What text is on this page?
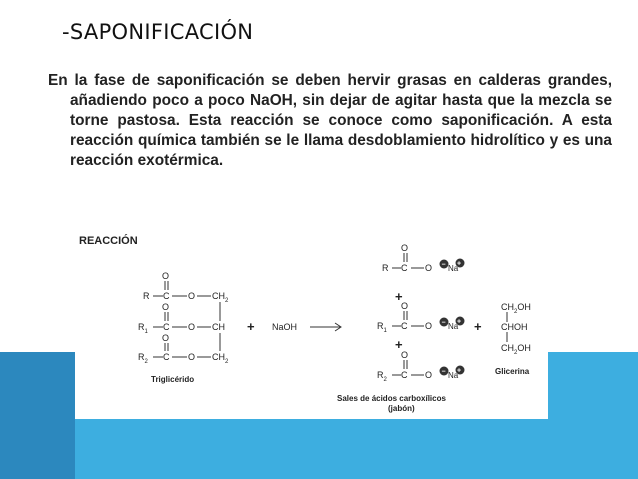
-SAPONIFICACIÓN
En la fase de saponificación se deben hervir grasas en calderas grandes, añadiendo poco a poco NaOH, sin dejar de agitar hasta que la mezcla se torne pastosa. Esta reacción se conoce como saponificación. A esta reacción química también se le llama desdoblamiento hidrolítico y es una reacción exotérmica.
REACCIÓN
O
R C O $CH_2$
O
$R_1$ C O CH
O
$R_2$ C O $CH_2$
Triglicérido
+ NaOH
O
R C O Na
O
$R_1$ C O Na
O
$R_2$ C O Na
− +
− +
− +
+
+
Sales de ácidos carboxílicos
(jabón)
+
$CH_2OH$
CHOH
$CH_2OH$
Glicerina
